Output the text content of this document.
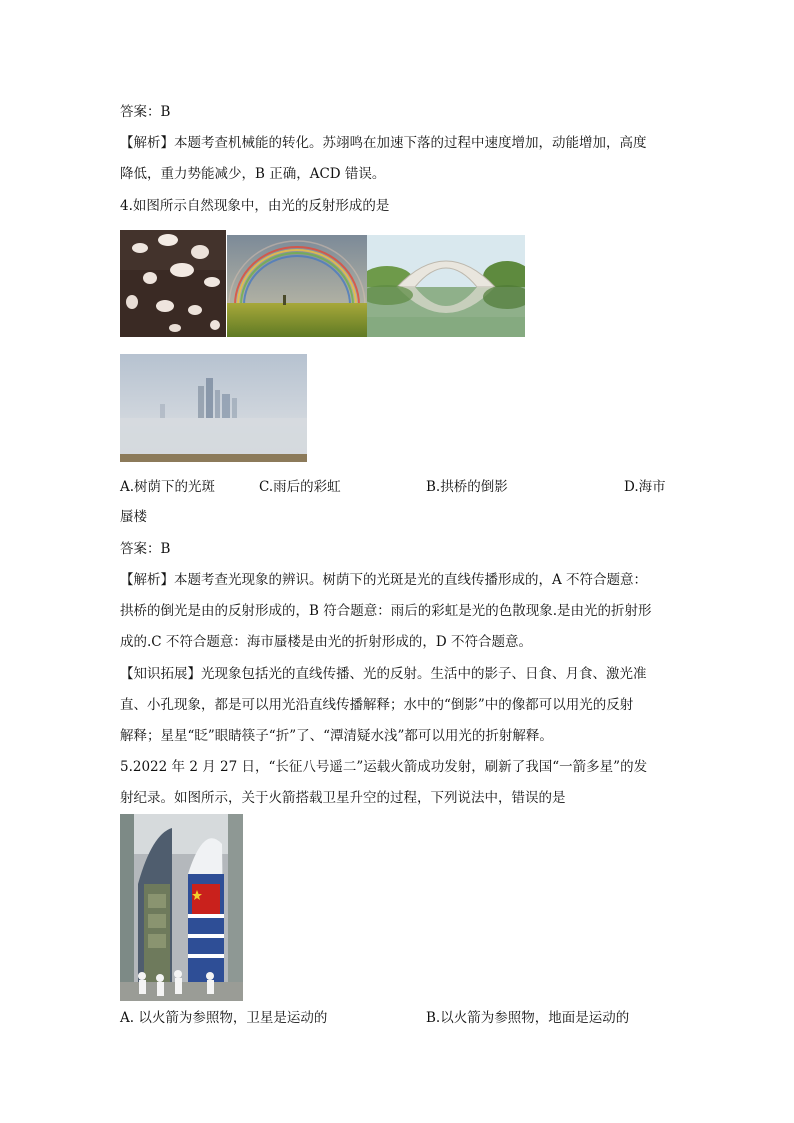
答案：B
【解析】本题考查机械能的转化。苏翊鸣在加速下落的过程中速度增加，动能增加，高度
降低，重力势能减少，B 正确，ACD 错误。
4.如图所示自然现象中，由光的反射形成的是
A.树荫下的光斑	C.雨后的彩虹	B.拱桥的倒影	D.海市
蜃楼
答案：B
【解析】本题考查光现象的辨识。树荫下的光斑是光的直线传播形成的，A 不符合题意：
拱桥的倒光是由的反射形成的，B 符合题意：雨后的彩虹是光的色散现象.是由光的折射形
成的.C 不符合题意：海市蜃楼是由光的折射形成的，D 不符合题意。
【知识拓展】光现象包括光的直线传播、光的反射。生活中的影子、日食、月食、激光准
直、小孔现象，都是可以用光沿直线传播解释；水中的“倒影”中的像都可以用光的反射
解释；星星“眨”眼睛筷子“折”了、“潭清疑水浅”都可以用光的折射解释。
5.2022 年 2 月 27 日，“长征八号遥二”运载火箭成功发射，刷新了我国“一箭多星”的发
射纪录。如图所示，关于火箭搭载卫星升空的过程，下列说法中，错误的是
A. 以火箭为参照物，卫星是运动的	B.以火箭为参照物，地面是运动的
